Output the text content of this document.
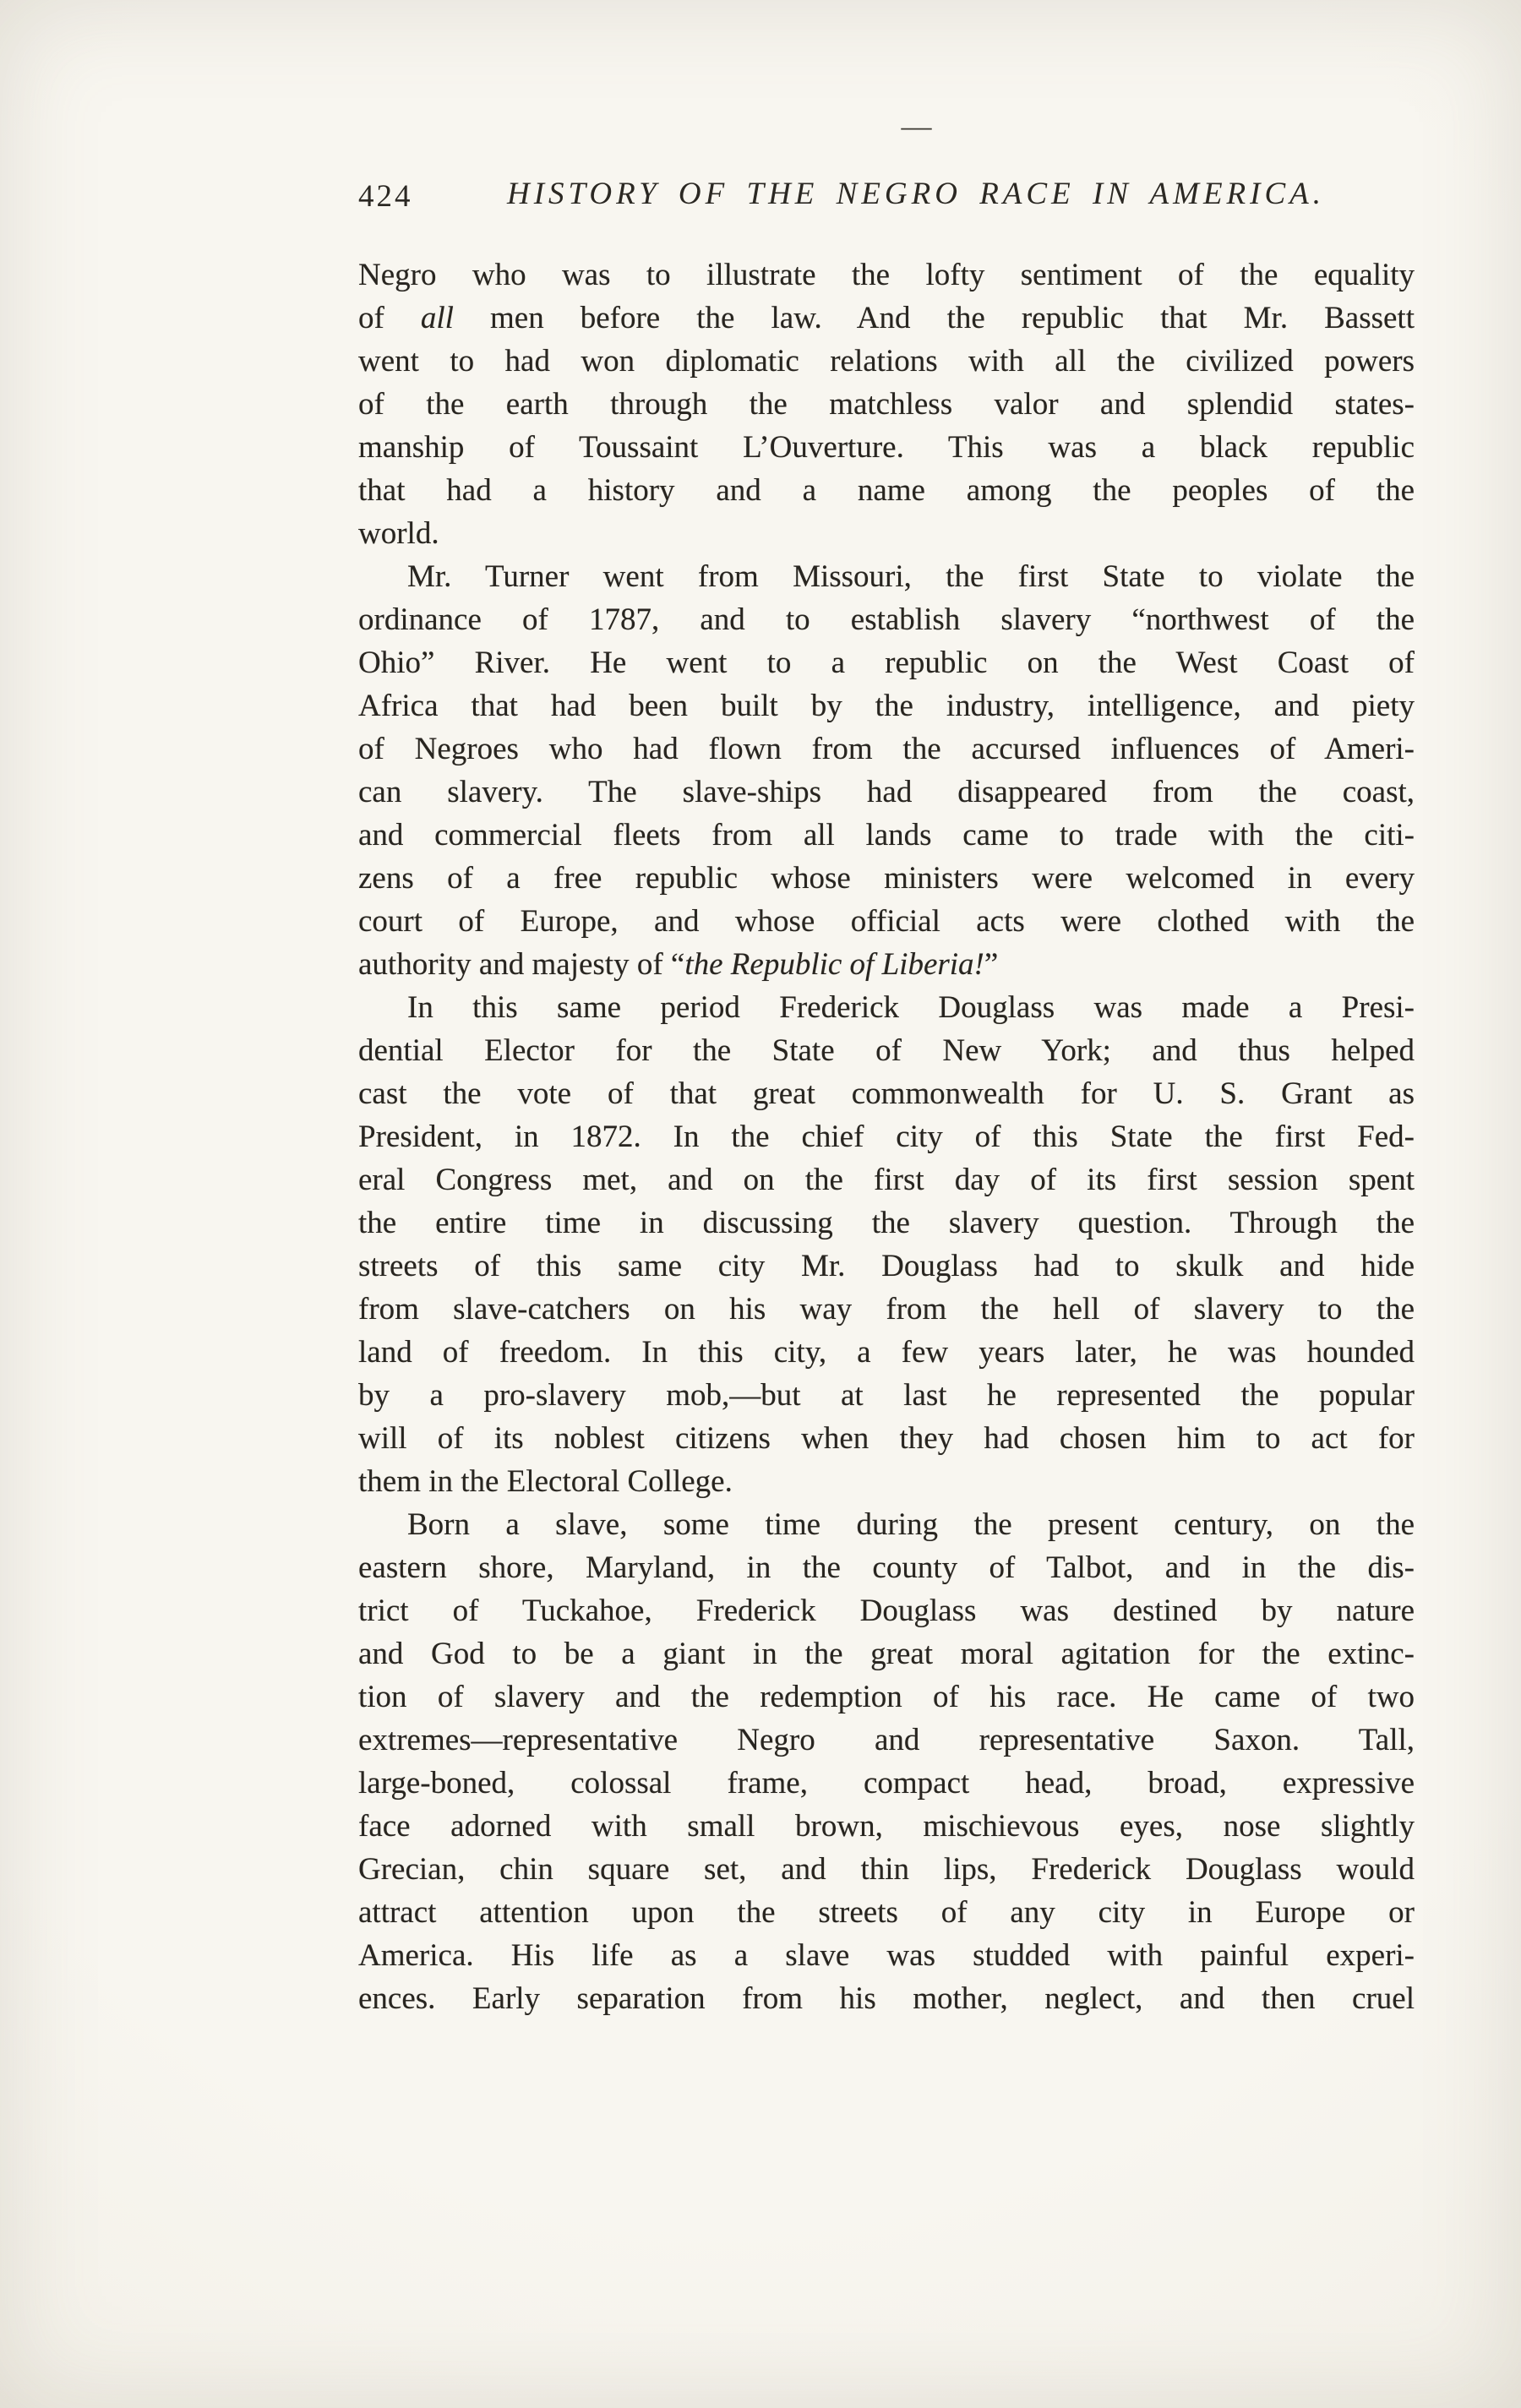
—
424	HISTORY OF THE NEGRO RACE IN AMERICA.
Negro who was to illustrate the lofty sentiment of the equality
of all men before the law. And the republic that Mr. Bassett
went to had won diplomatic relations with all the civilized powers
of the earth through the matchless valor and splendid states-
manship of Toussaint L’Ouverture. This was a black republic
that had a history and a name among the peoples of the
world.
Mr. Turner went from Missouri, the first State to violate the
ordinance of 1787, and to establish slavery “northwest of the
Ohio” River. He went to a republic on the West Coast of
Africa that had been built by the industry, intelligence, and piety
of Negroes who had flown from the accursed influences of Ameri-
can slavery. The slave-ships had disappeared from the coast,
and commercial fleets from all lands came to trade with the citi-
zens of a free republic whose ministers were welcomed in every
court of Europe, and whose official acts were clothed with the
authority and majesty of “the Republic of Liberia!”
In this same period Frederick Douglass was made a Presi-
dential Elector for the State of New York; and thus helped
cast the vote of that great commonwealth for U. S. Grant as
President, in 1872. In the chief city of this State the first Fed-
eral Congress met, and on the first day of its first session spent
the entire time in discussing the slavery question. Through the
streets of this same city Mr. Douglass had to skulk and hide
from slave-catchers on his way from the hell of slavery to the
land of freedom. In this city, a few years later, he was hounded
by a pro-slavery mob,—but at last he represented the popular
will of its noblest citizens when they had chosen him to act for
them in the Electoral College.
Born a slave, some time during the present century, on the
eastern shore, Maryland, in the county of Talbot, and in the dis-
trict of Tuckahoe, Frederick Douglass was destined by nature
and God to be a giant in the great moral agitation for the extinc-
tion of slavery and the redemption of his race. He came of two
extremes—representative Negro and representative Saxon. Tall,
large-boned, colossal frame, compact head, broad, expressive
face adorned with small brown, mischievous eyes, nose slightly
Grecian, chin square set, and thin lips, Frederick Douglass would
attract attention upon the streets of any city in Europe or
America. His life as a slave was studded with painful experi-
ences. Early separation from his mother, neglect, and then cruel
